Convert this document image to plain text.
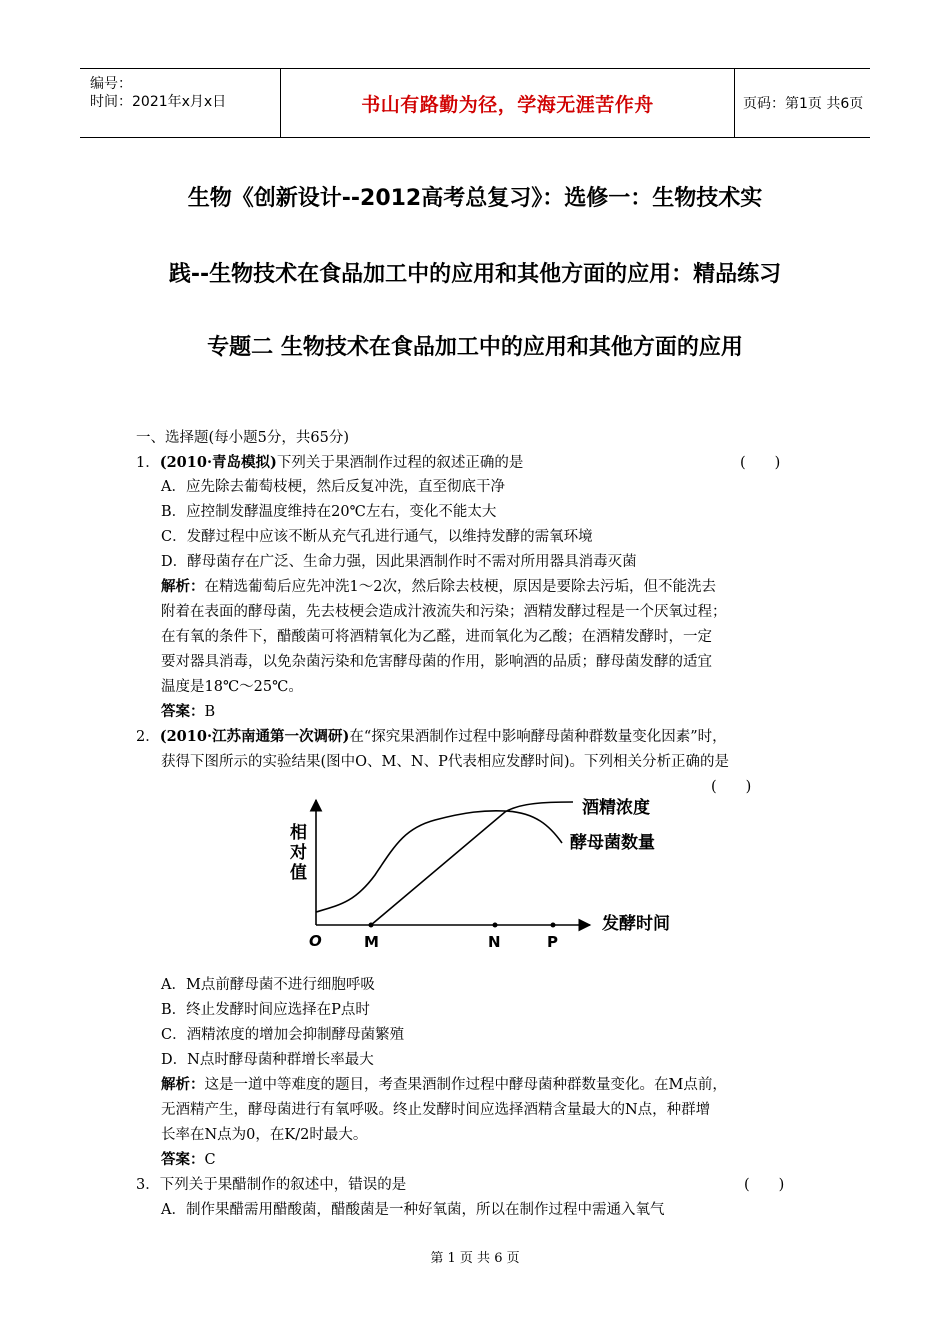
编号：
时间：2021年x月x日	书山有路勤为径，学海无涯苦作舟	页码：第1页 共6页
生物《创新设计--2012高考总复习》：选修一：生物技术实
践--生物技术在食品加工中的应用和其他方面的应用：精品练习
专题二 生物技术在食品加工中的应用和其他方面的应用
一、选择题(每小题5分，共65分)
1．(2010·青岛模拟)下列关于果酒制作过程的叙述正确的是	(　　)
A．应先除去葡萄枝梗，然后反复冲洗，直至彻底干净
B．应控制发酵温度维持在20℃左右，变化不能太大
C．发酵过程中应该不断从充气孔进行通气，以维持发酵的需氧环境
D．酵母菌存在广泛、生命力强，因此果酒制作时不需对所用器具消毒灭菌
解析：在精选葡萄后应先冲洗1～2次，然后除去枝梗，原因是要除去污垢，但不能洗去
附着在表面的酵母菌，先去枝梗会造成汁液流失和污染；酒精发酵过程是一个厌氧过程；
在有氧的条件下，醋酸菌可将酒精氧化为乙醛，进而氧化为乙酸；在酒精发酵时，一定
要对器具消毒，以免杂菌污染和危害酵母菌的作用，影响酒的品质；酵母菌发酵的适宜
温度是18℃～25℃。
答案：B
2．(2010·江苏南通第一次调研)在“探究果酒制作过程中影响酵母菌种群数量变化因素”时，
获得下图所示的实验结果(图中O、M、N、P代表相应发酵时间)。下列相关分析正确的是
(　　)
相
对
值
O	M	N	P
发酵时间
酒精浓度
酵母菌数量
A．M点前酵母菌不进行细胞呼吸
B．终止发酵时间应选择在P点时
C．酒精浓度的增加会抑制酵母菌繁殖
D．N点时酵母菌种群增长率最大
解析：这是一道中等难度的题目，考查果酒制作过程中酵母菌种群数量变化。在M点前，
无酒精产生，酵母菌进行有氧呼吸。终止发酵时间应选择酒精含量最大的N点，种群增
长率在N点为0，在K/2时最大。
答案：C
3．下列关于果醋制作的叙述中，错误的是	(　　)
A．制作果醋需用醋酸菌，醋酸菌是一种好氧菌，所以在制作过程中需通入氧气
第 1 页 共 6 页
